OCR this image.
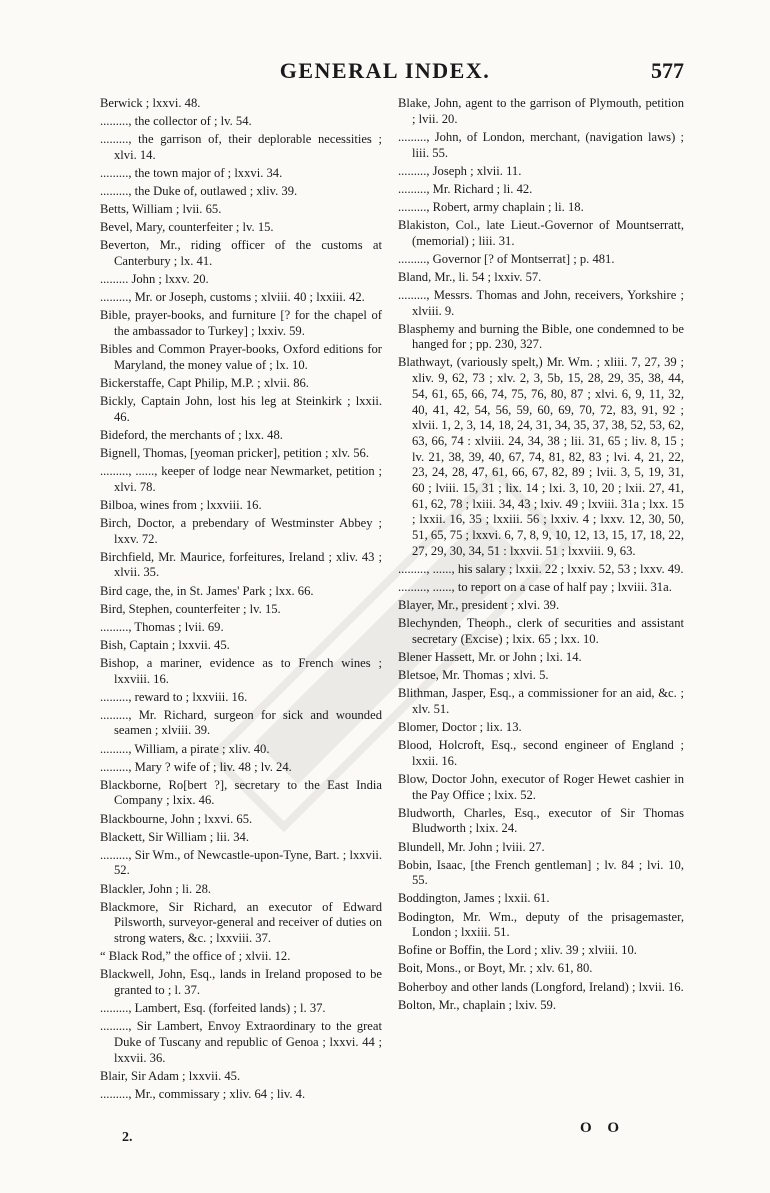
GENERAL INDEX.	577

Berwick ; lxxvi. 48.

........., the collector of ; lv. 54.

........., the garrison of, their deplorable necessities ; xlvi. 14.

........., the town major of ; lxxvi. 34.

........., the Duke of, outlawed ; xliv. 39.

Betts, William ; lvii. 65.

Bevel, Mary, counterfeiter ; lv. 15.

Beverton, Mr., riding officer of the customs at Canterbury ; lx. 41.

......... John ; lxxv. 20.

........., Mr. or Joseph, customs ; xlviii. 40 ; lxxiii. 42.

Bible, prayer-books, and furniture [? for the chapel of the ambassador to Turkey] ; lxxiv. 59.

Bibles and Common Prayer-books, Oxford editions for Maryland, the money value of ; lx. 10.

Bickerstaffe, Capt Philip, M.P. ; xlvii. 86.

Bickly, Captain John, lost his leg at Steinkirk ; lxxii. 46.

Bideford, the merchants of ; lxx. 48.

Bignell, Thomas, [yeoman pricker], petition ; xlv. 56.

........., ......, keeper of lodge near Newmarket, petition ; xlvi. 78.

Bilboa, wines from ; lxxviii. 16.

Birch, Doctor, a prebendary of Westminster Abbey ; lxxv. 72.

Birchfield, Mr. Maurice, forfeitures, Ireland ; xliv. 43 ; xlvii. 35.

Bird cage, the, in St. James' Park ; lxx. 66.

Bird, Stephen, counterfeiter ; lv. 15.

........., Thomas ; lvii. 69.

Bish, Captain ; lxxvii. 45.

Bishop, a mariner, evidence as to French wines ; lxxviii. 16.

........., reward to ; lxxviii. 16.

........., Mr. Richard, surgeon for sick and wounded seamen ; xlviii. 39.

........., William, a pirate ; xliv. 40.

........., Mary ? wife of ; liv. 48 ; lv. 24.

Blackborne, Ro[bert ?], secretary to the East India Company ; lxix. 46.

Blackbourne, John ; lxxvi. 65.

Blackett, Sir William ; lii. 34.

........., Sir Wm., of Newcastle-upon-Tyne, Bart. ; lxxvii. 52.

Blackler, John ; li. 28.

Blackmore, Sir Richard, an executor of Edward Pilsworth, surveyor-general and receiver of duties on strong waters, &c. ; lxxviii. 37.

“ Black Rod,” the office of ; xlvii. 12.

Blackwell, John, Esq., lands in Ireland proposed to be granted to ; l. 37.

........., Lambert, Esq. (forfeited lands) ; l. 37.

........., Sir Lambert, Envoy Extraordinary to the great Duke of Tuscany and republic of Genoa ; lxxvi. 44 ; lxxvii. 36.

Blair, Sir Adam ; lxxvii. 45.

........., Mr., commissary ; xliv. 64 ; liv. 4.

Blake, John, agent to the garrison of Plymouth, petition ; lvii. 20.

........., John, of London, merchant, (navigation laws) ; liii. 55.

........., Joseph ; xlvii. 11.

........., Mr. Richard ; li. 42.

........., Robert, army chaplain ; li. 18.

Blakiston, Col., late Lieut.-Governor of Mountserratt, (memorial) ; liii. 31.

........., Governor [? of Montserrat] ; p. 481.

Bland, Mr., li. 54 ; lxxiv. 57.

........., Messrs. Thomas and John, receivers, Yorkshire ; xlviii. 9.

Blasphemy and burning the Bible, one condemned to be hanged for ; pp. 230, 327.

Blathwayt, (variously spelt,) Mr. Wm. ; xliii. 7, 27, 39 ; xliv. 9, 62, 73 ; xlv. 2, 3, 5b, 15, 28, 29, 35, 38, 44, 54, 61, 65, 66, 74, 75, 76, 80, 87 ; xlvi. 6, 9, 11, 32, 40, 41, 42, 54, 56, 59, 60, 69, 70, 72, 83, 91, 92 ; xlvii. 1, 2, 3, 14, 18, 24, 31, 34, 35, 37, 38, 52, 53, 62, 63, 66, 74 : xlviii. 24, 34, 38 ; lii. 31, 65 ; liv. 8, 15 ; lv. 21, 38, 39, 40, 67, 74, 81, 82, 83 ; lvi. 4, 21, 22, 23, 24, 28, 47, 61, 66, 67, 82, 89 ; lvii. 3, 5, 19, 31, 60 ; lviii. 15, 31 ; lix. 14 ; lxi. 3, 10, 20 ; lxii. 27, 41, 61, 62, 78 ; lxiii. 34, 43 ; lxiv. 49 ; lxviii. 31a ; lxx. 15 ; lxxii. 16, 35 ; lxxiii. 56 ; lxxiv. 4 ; lxxv. 12, 30, 50, 51, 65, 75 ; lxxvi. 6, 7, 8, 9, 10, 12, 13, 15, 17, 18, 22, 27, 29, 30, 34, 51 : lxxvii. 51 ; lxxviii. 9, 63.

........., ......, his salary ; lxxii. 22 ; lxxiv. 52, 53 ; lxxv. 49.

........., ......, to report on a case of half pay ; lxviii. 31a.

Blayer, Mr., president ; xlvi. 39.

Blechynden, Theoph., clerk of securities and assistant secretary (Excise) ; lxix. 65 ; lxx. 10.

Blener Hassett, Mr. or John ; lxi. 14.

Bletsoe, Mr. Thomas ; xlvi. 5.

Blithman, Jasper, Esq., a commissioner for an aid, &c. ; xlv. 51.

Blomer, Doctor ; lix. 13.

Blood, Holcroft, Esq., second engineer of England ; lxxii. 16.

Blow, Doctor John, executor of Roger Hewet cashier in the Pay Office ; lxix. 52.

Bludworth, Charles, Esq., executor of Sir Thomas Bludworth ; lxix. 24.

Blundell, Mr. John ; lviii. 27.

Bobin, Isaac, [the French gentleman] ; lv. 84 ; lvi. 10, 55.

Boddington, James ; lxxii. 61.

Bodington, Mr. Wm., deputy of the prisagemaster, London ; lxxiii. 51.

Bofine or Boffin, the Lord ; xliv. 39 ; xlviii. 10.

Boit, Mons., or Boyt, Mr. ; xlv. 61, 80.

Boherboy and other lands (Longford, Ireland) ; lxvii. 16.

Bolton, Mr., chaplain ; lxiv. 59.

2.
O O
